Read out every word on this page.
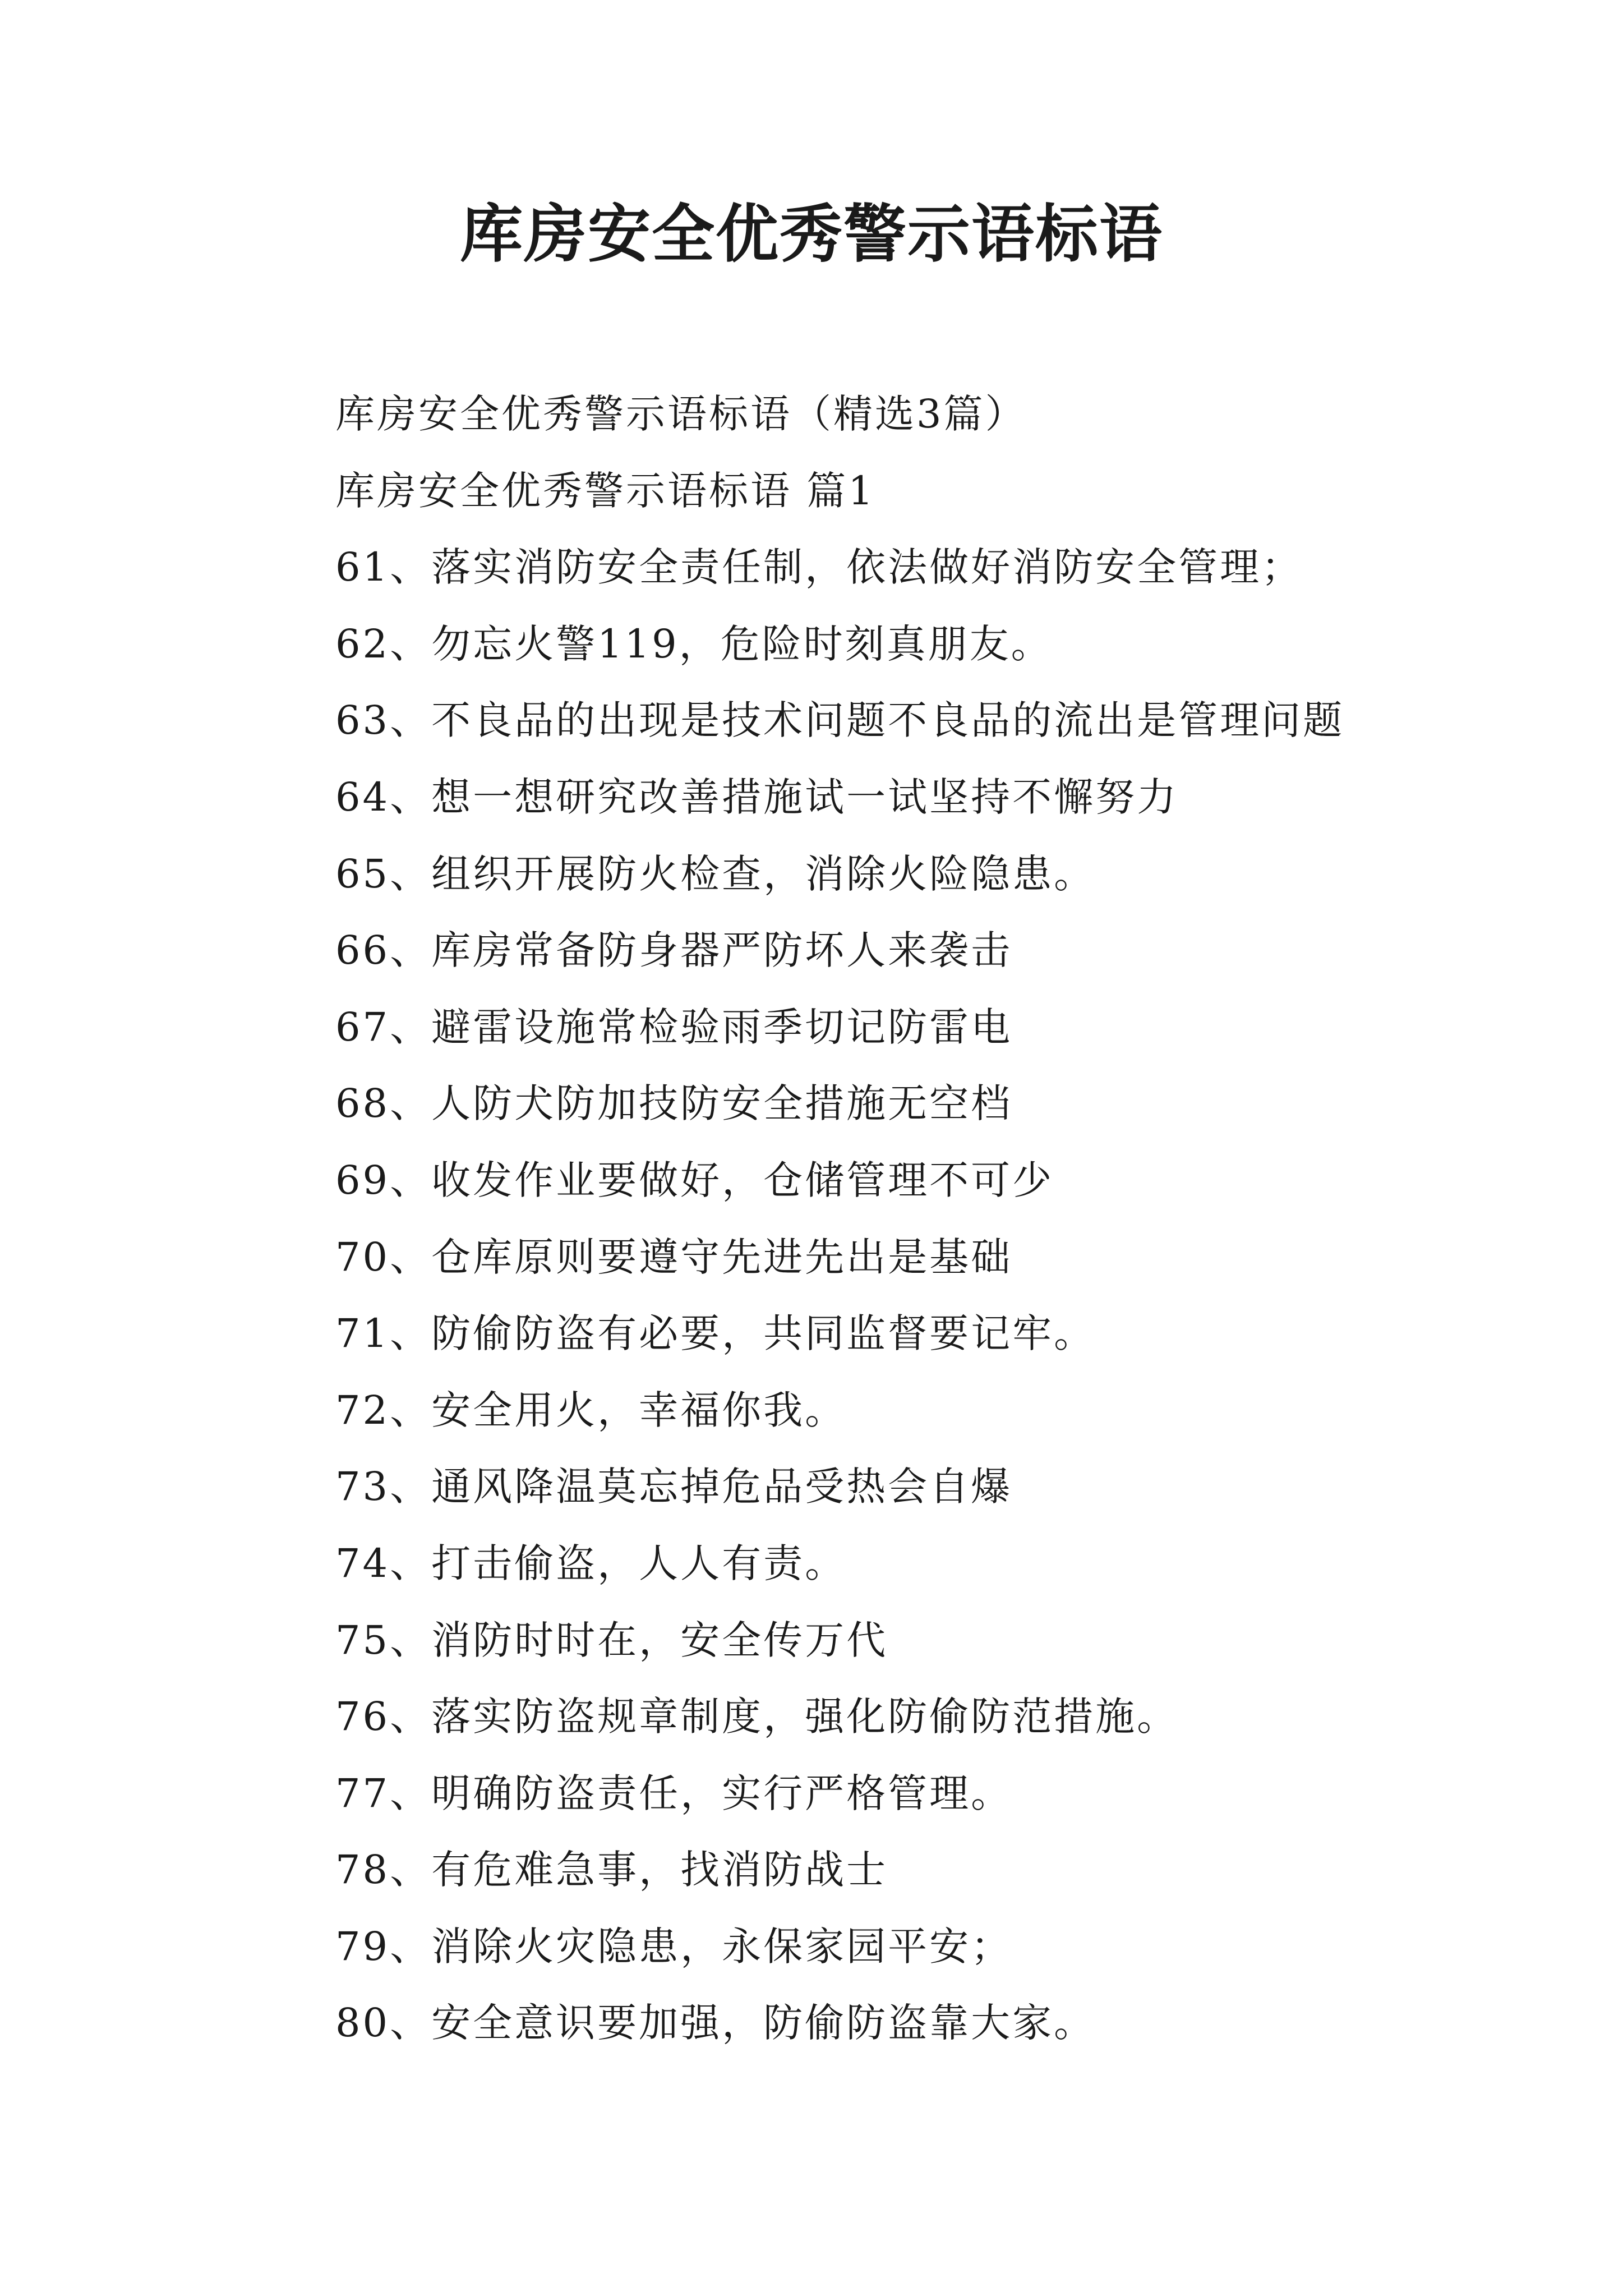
库房安全优秀警示语标语

库房安全优秀警示语标语（精选3篇）

库房安全优秀警示语标语 篇1

61、落实消防安全责任制，依法做好消防安全管理；
62、勿忘火警119，危险时刻真朋友。
63、不良品的出现是技术问题不良品的流出是管理问题
64、想一想研究改善措施试一试坚持不懈努力
65、组织开展防火检查，消除火险隐患。
66、库房常备防身器严防坏人来袭击
67、避雷设施常检验雨季切记防雷电
68、人防犬防加技防安全措施无空档
69、收发作业要做好，仓储管理不可少
70、仓库原则要遵守先进先出是基础
71、防偷防盗有必要，共同监督要记牢。
72、安全用火，幸福你我。
73、通风降温莫忘掉危品受热会自爆
74、打击偷盗，人人有责。
75、消防时时在，安全传万代
76、落实防盗规章制度，强化防偷防范措施。
77、明确防盗责任，实行严格管理。
78、有危难急事，找消防战士
79、消除火灾隐患，永保家园平安；
80、安全意识要加强，防偷防盗靠大家。
